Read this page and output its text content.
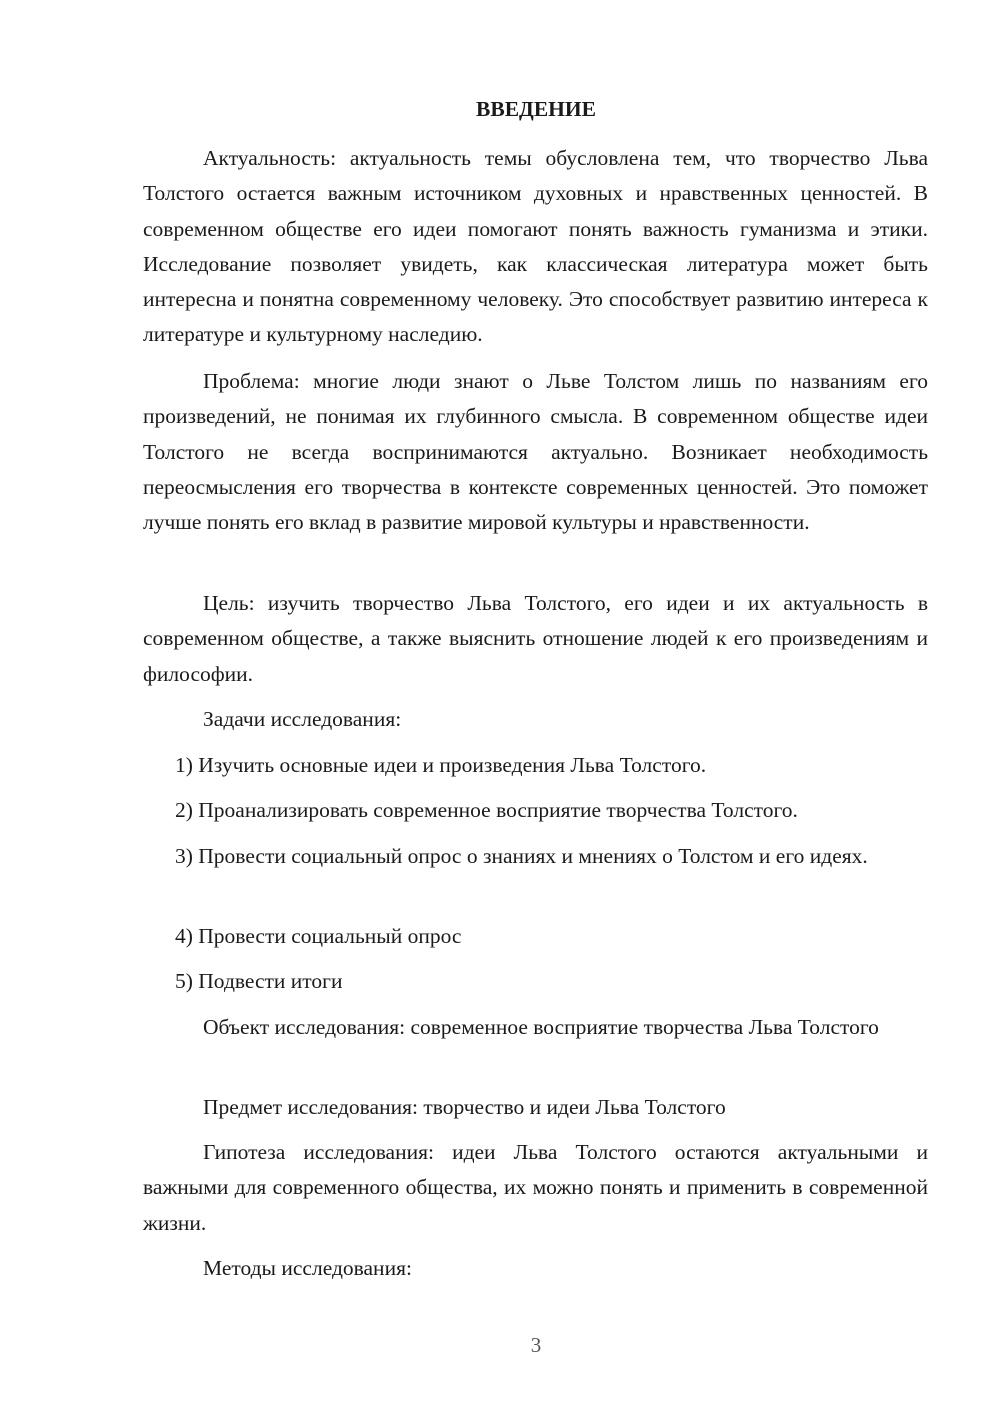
ВВЕДЕНИЕ

Актуальность: актуальность темы обусловлена тем, что творчество Льва Толстого остается важным источником духовных и нравственных ценностей. В современном обществе его идеи помогают понять важность гуманизма и этики. Исследование позволяет увидеть, как классическая литература может быть интересна и понятна современному человеку. Это способствует развитию интереса к литературе и культурному наследию.

Проблема: многие люди знают о Льве Толстом лишь по названиям его произведений, не понимая их глубинного смысла. В современном обществе идеи Толстого не всегда воспринимаются актуально. Возникает необходимость переосмысления его творчества в контексте современных ценностей. Это поможет лучше понять его вклад в развитие мировой культуры и нравственности.

Цель: изучить творчество Льва Толстого, его идеи и их актуальность в современном обществе, а также выяснить отношение людей к его произведениям и философии.

Задачи исследования:

1) Изучить основные идеи и произведения Льва Толстого.

2) Проанализировать современное восприятие творчества Толстого.

3) Провести социальный опрос о знаниях и мнениях о Толстом и его идеях.

4) Провести социальный опрос

5) Подвести итоги

Объект исследования: современное восприятие творчества Льва Толстого

Предмет исследования: творчество и идеи Льва Толстого

Гипотеза исследования: идеи Льва Толстого остаются актуальными и важными для современного общества, их можно понять и применить в современной жизни.

Методы исследования:

3
